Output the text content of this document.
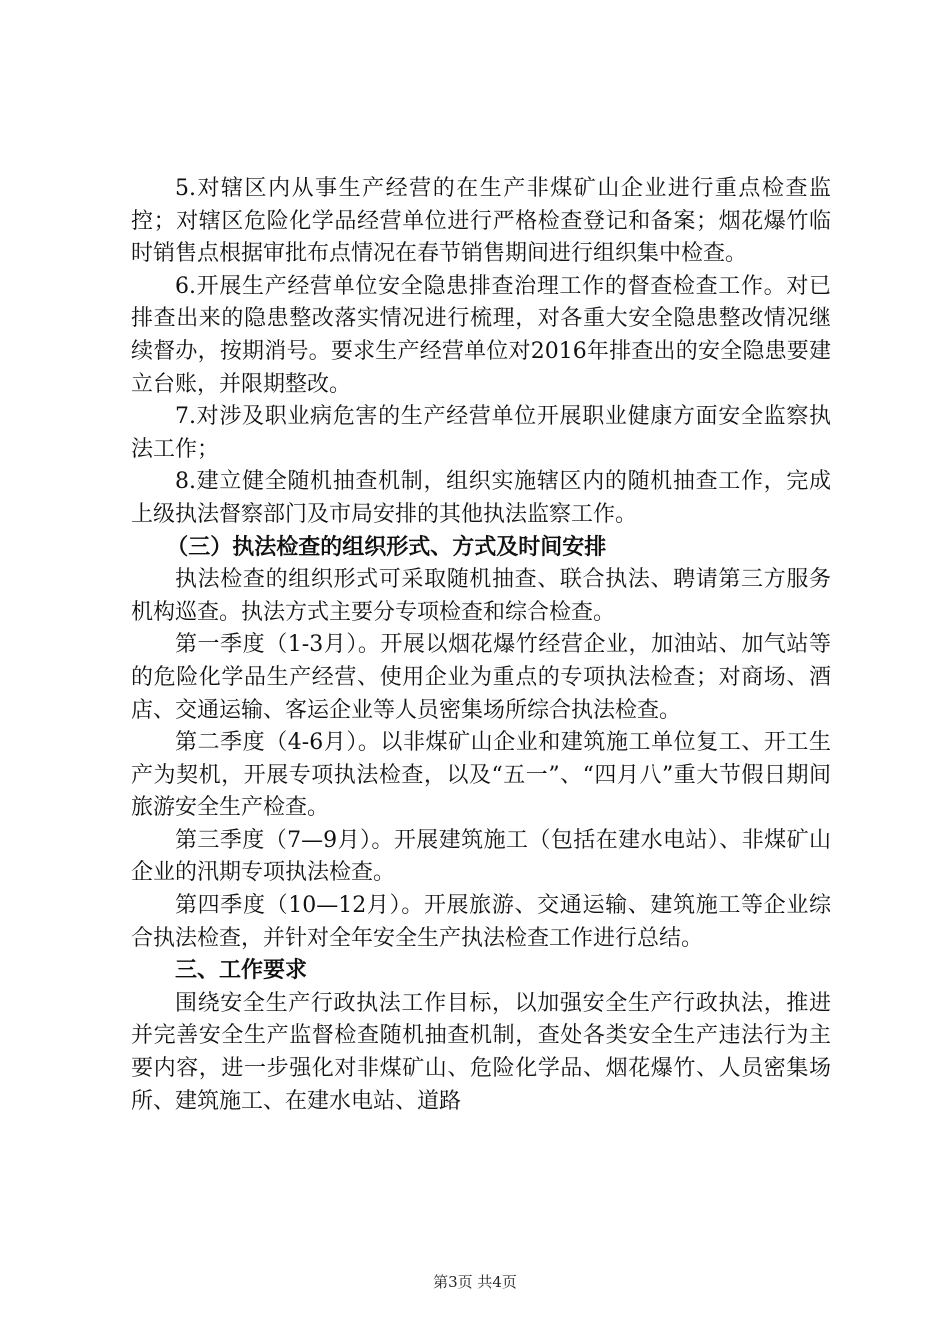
5.对辖区内从事生产经营的在生产非煤矿山企业进行重点检查监控；对辖区危险化学品经营单位进行严格检查登记和备案；烟花爆竹临时销售点根据审批布点情况在春节销售期间进行组织集中检查。

6.开展生产经营单位安全隐患排查治理工作的督查检查工作。对已排查出来的隐患整改落实情况进行梳理，对各重大安全隐患整改情况继续督办，按期消号。要求生产经营单位对2016年排查出的安全隐患要建立台账，并限期整改。

7.对涉及职业病危害的生产经营单位开展职业健康方面安全监察执法工作；

8.建立健全随机抽查机制，组织实施辖区内的随机抽查工作，完成上级执法督察部门及市局安排的其他执法监察工作。

（三）执法检查的组织形式、方式及时间安排

执法检查的组织形式可采取随机抽查、联合执法、聘请第三方服务机构巡查。执法方式主要分专项检查和综合检查。

第一季度（1-3月）。开展以烟花爆竹经营企业，加油站、加气站等的危险化学品生产经营、使用企业为重点的专项执法检查；对商场、酒店、交通运输、客运企业等人员密集场所综合执法检查。

第二季度（4-6月）。以非煤矿山企业和建筑施工单位复工、开工生产为契机，开展专项执法检查，以及“五一”、“四月八”重大节假日期间旅游安全生产检查。

第三季度（7—9月）。开展建筑施工（包括在建水电站）、非煤矿山企业的汛期专项执法检查。

第四季度（10—12月）。开展旅游、交通运输、建筑施工等企业综合执法检查，并针对全年安全生产执法检查工作进行总结。

三、工作要求

围绕安全生产行政执法工作目标，以加强安全生产行政执法，推进并完善安全生产监督检查随机抽查机制，查处各类安全生产违法行为主要内容，进一步强化对非煤矿山、危险化学品、烟花爆竹、人员密集场所、建筑施工、在建水电站、道路

第3页 共4页
